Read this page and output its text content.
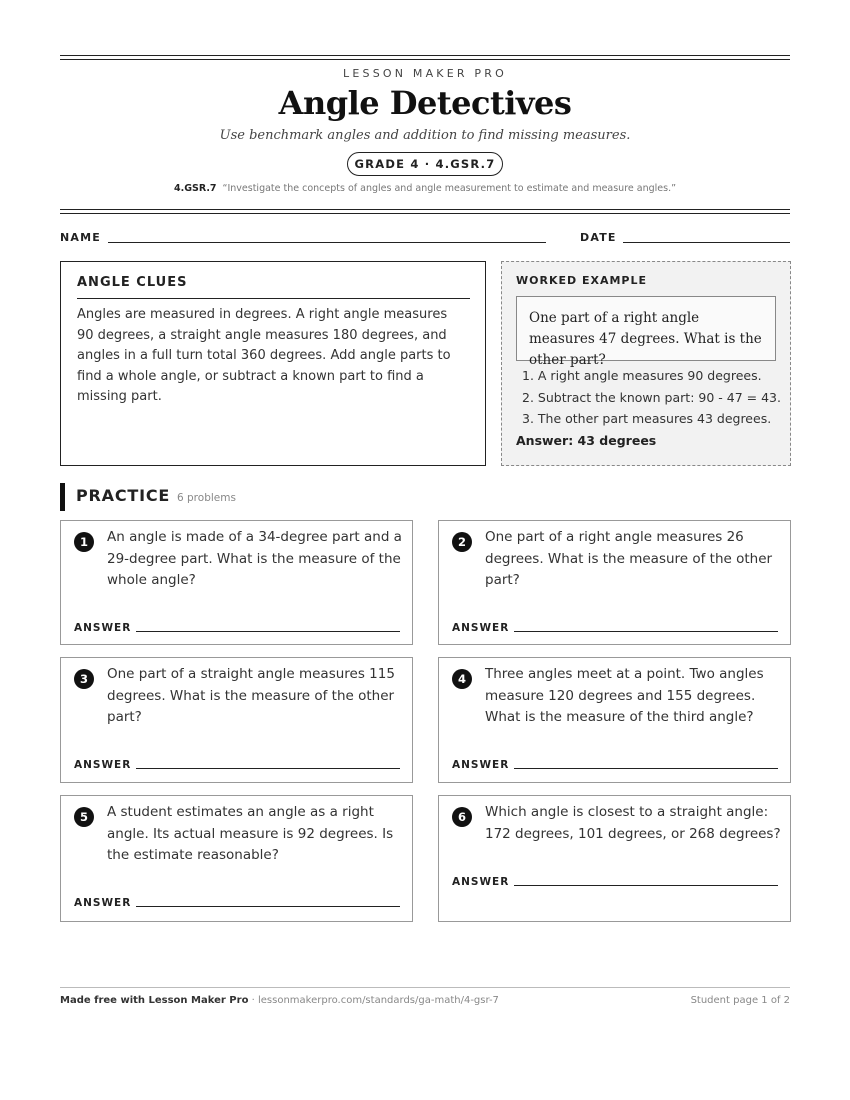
LESSON MAKER PRO
Angle Detectives
Use benchmark angles and addition to find missing measures.
GRADE 4 · 4.GSR.7
4.GSR.7 “Investigate the concepts of angles and angle measurement to estimate and measure angles.”
NAME	DATE
ANGLE CLUES
Angles are measured in degrees. A right angle measures 90 degrees, a straight angle measures 180 degrees, and angles in a full turn total 360 degrees. Add angle parts to find a whole angle, or subtract a known part to find a missing part.
WORKED EXAMPLE
One part of a right angle measures 47 degrees. What is the other part?
1. A right angle measures 90 degrees.
2. Subtract the known part: 90 - 47 = 43.
3. The other part measures 43 degrees.
Answer: 43 degrees
PRACTICE 6 problems
1	An angle is made of a 34-degree part and a 29-degree part. What is the measure of the whole angle?
ANSWER
2	One part of a right angle measures 26 degrees. What is the measure of the other part?
ANSWER
3	One part of a straight angle measures 115 degrees. What is the measure of the other part?
ANSWER
4	Three angles meet at a point. Two angles measure 120 degrees and 155 degrees. What is the measure of the third angle?
ANSWER
5	A student estimates an angle as a right angle. Its actual measure is 92 degrees. Is the estimate reasonable?
ANSWER
6	Which angle is closest to a straight angle: 172 degrees, 101 degrees, or 268 degrees?
ANSWER
Made free with Lesson Maker Pro · lessonmakerpro.com/standards/ga-math/4-gsr-7	Student page 1 of 2
